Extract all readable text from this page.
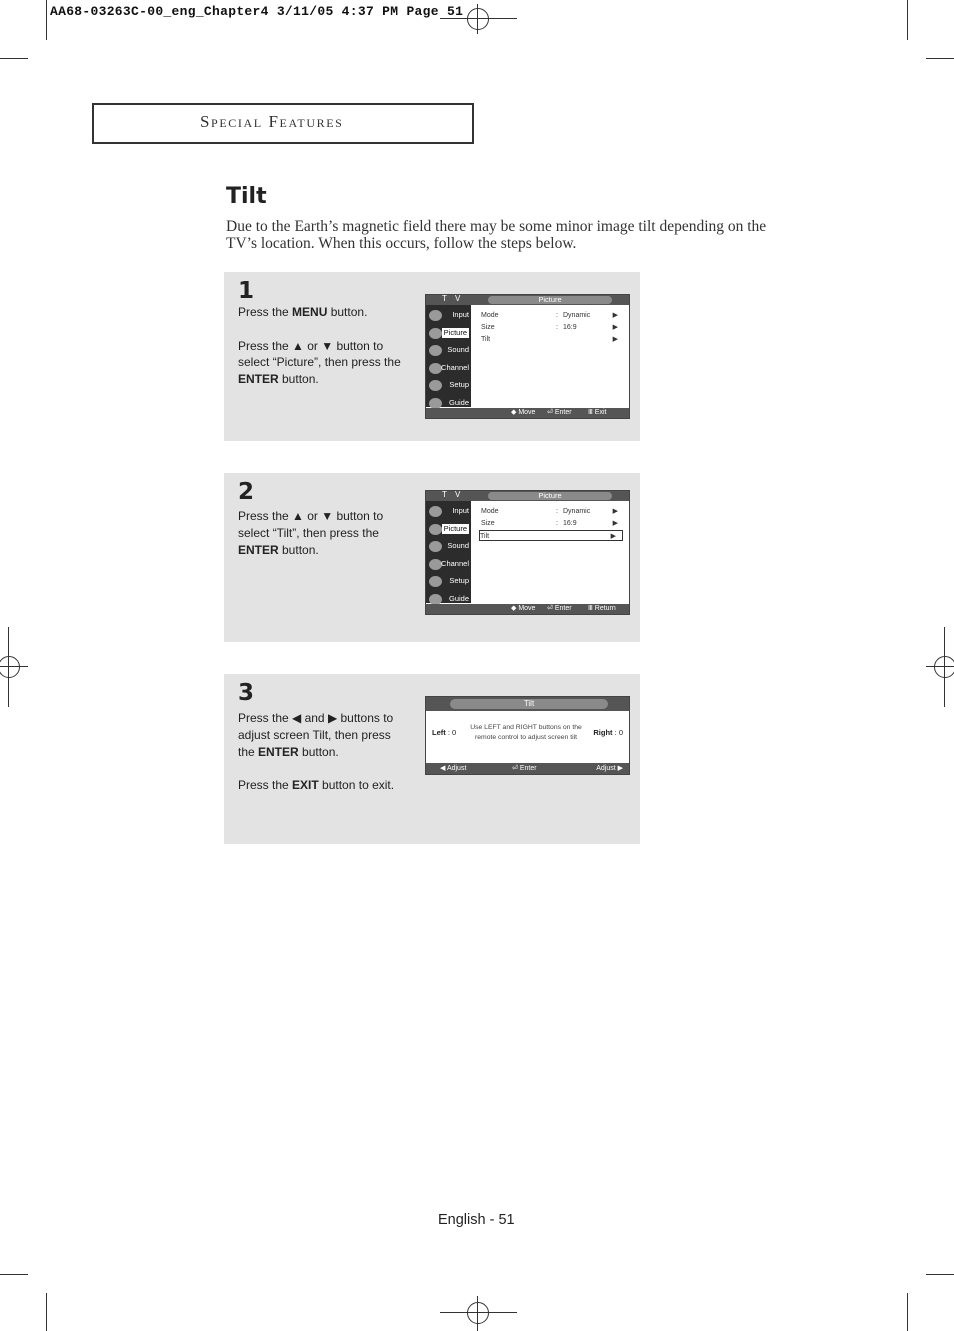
AA68-03263C-00_eng_Chapter4 3/11/05 4:37 PM Page 51
Special Features
Tilt
Due to the Earth’s magnetic field there may be some minor image tilt depending on the TV’s location. When this occurs, follow the steps below.
1
Press the MENU button.
Press the ▲ or ▼ button to select “Picture”, then press the ENTER button.
T V	Picture
Input
Picture
Sound
Channel
Setup
Guide
Mode	: Dynamic	▶
Size	: 16:9	▶
Tilt	▶
◆ Move ⏎ Enter Ⅲ Exit
2
Press the ▲ or ▼ button to select “Tilt”, then press the ENTER button.
T V	Picture
Input
Picture
Sound
Channel
Setup
Guide
Mode	: Dynamic	▶
Size	: 16:9	▶
Tilt	▶
◆ Move ⏎ Enter Ⅲ Return
3
Press the ◀ and ▶ buttons to adjust screen Tilt, then press the ENTER button.
Press the EXIT button to exit.
Tilt
Left : 0
Use LEFT and RIGHT buttons on the remote control to adjust screen tilt
Right : 0
◀ Adjust	⏎ Enter	Adjust ▶
English - 51
